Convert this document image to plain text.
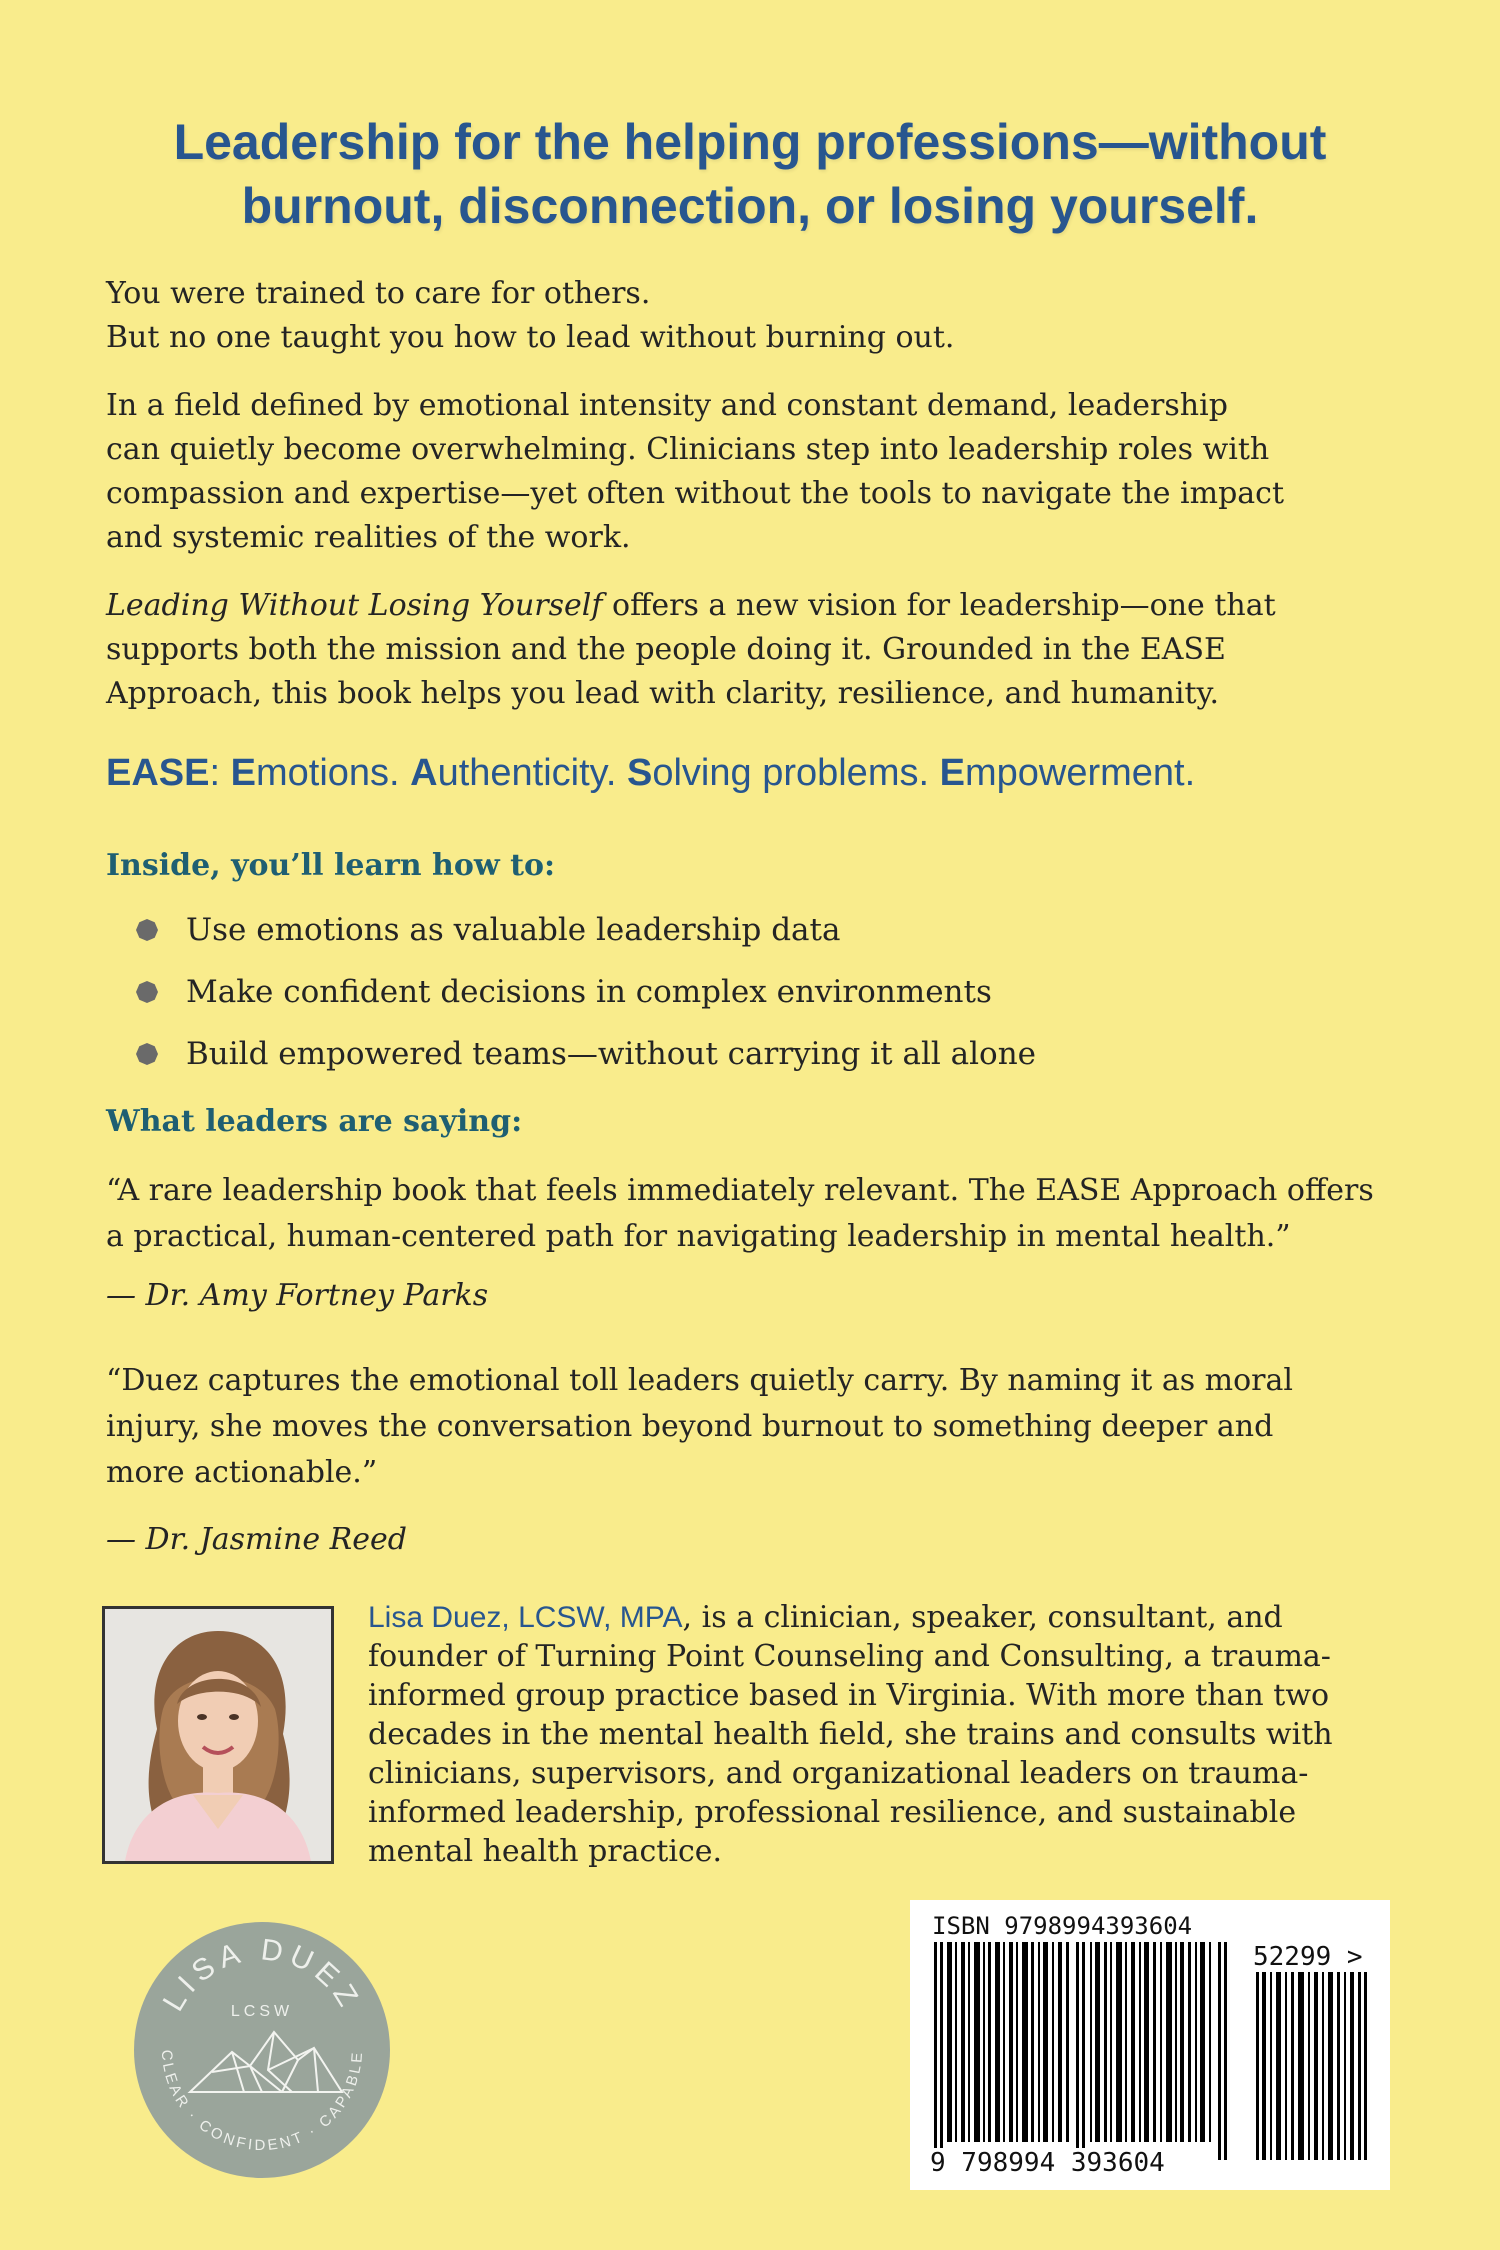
Leadership for the helping professions—without
burnout, disconnection, or losing yourself.

You were trained to care for others.

But no one taught you how to lead without burning out.

In a field defined by emotional intensity and constant demand, leadership

can quietly become overwhelming. Clinicians step into leadership roles with

compassion and expertise—yet often without the tools to navigate the impact

and systemic realities of the work.

Leading Without Losing Yourself offers a new vision for leadership—one that

supports both the mission and the people doing it. Grounded in the EASE

Approach, this book helps you lead with clarity, resilience, and humanity.

EASE: Emotions. Authenticity. Solving problems. Empowerment.
Inside, you’ll learn how to:
Use emotions as valuable leadership data
Make confident decisions in complex environments
Build empowered teams—without carrying it all alone
What leaders are saying:
“A rare leadership book that feels immediately relevant. The EASE Approach offers
a practical, human-centered path for navigating leadership in mental health.”
— Dr. Amy Fortney Parks
“Duez captures the emotional toll leaders quietly carry. By naming it as moral
injury, she moves the conversation beyond burnout to something deeper and
more actionable.”
— Dr. Jasmine Reed
Lisa Duez, LCSW, MPA, is a clinician, speaker, consultant, and
founder of Turning Point Counseling and Consulting, a trauma-
informed group practice based in Virginia. With more than two
decades in the mental health field, she trains and consults with
clinicians, supervisors, and organizational leaders on trauma-
informed leadership, professional resilience, and sustainable
mental health practice.
LISA DUEZ
LCSW
CLEAR · CONFIDENT · CAPABLE
ISBN 9798994393604
52299 >
9 798994 393604
